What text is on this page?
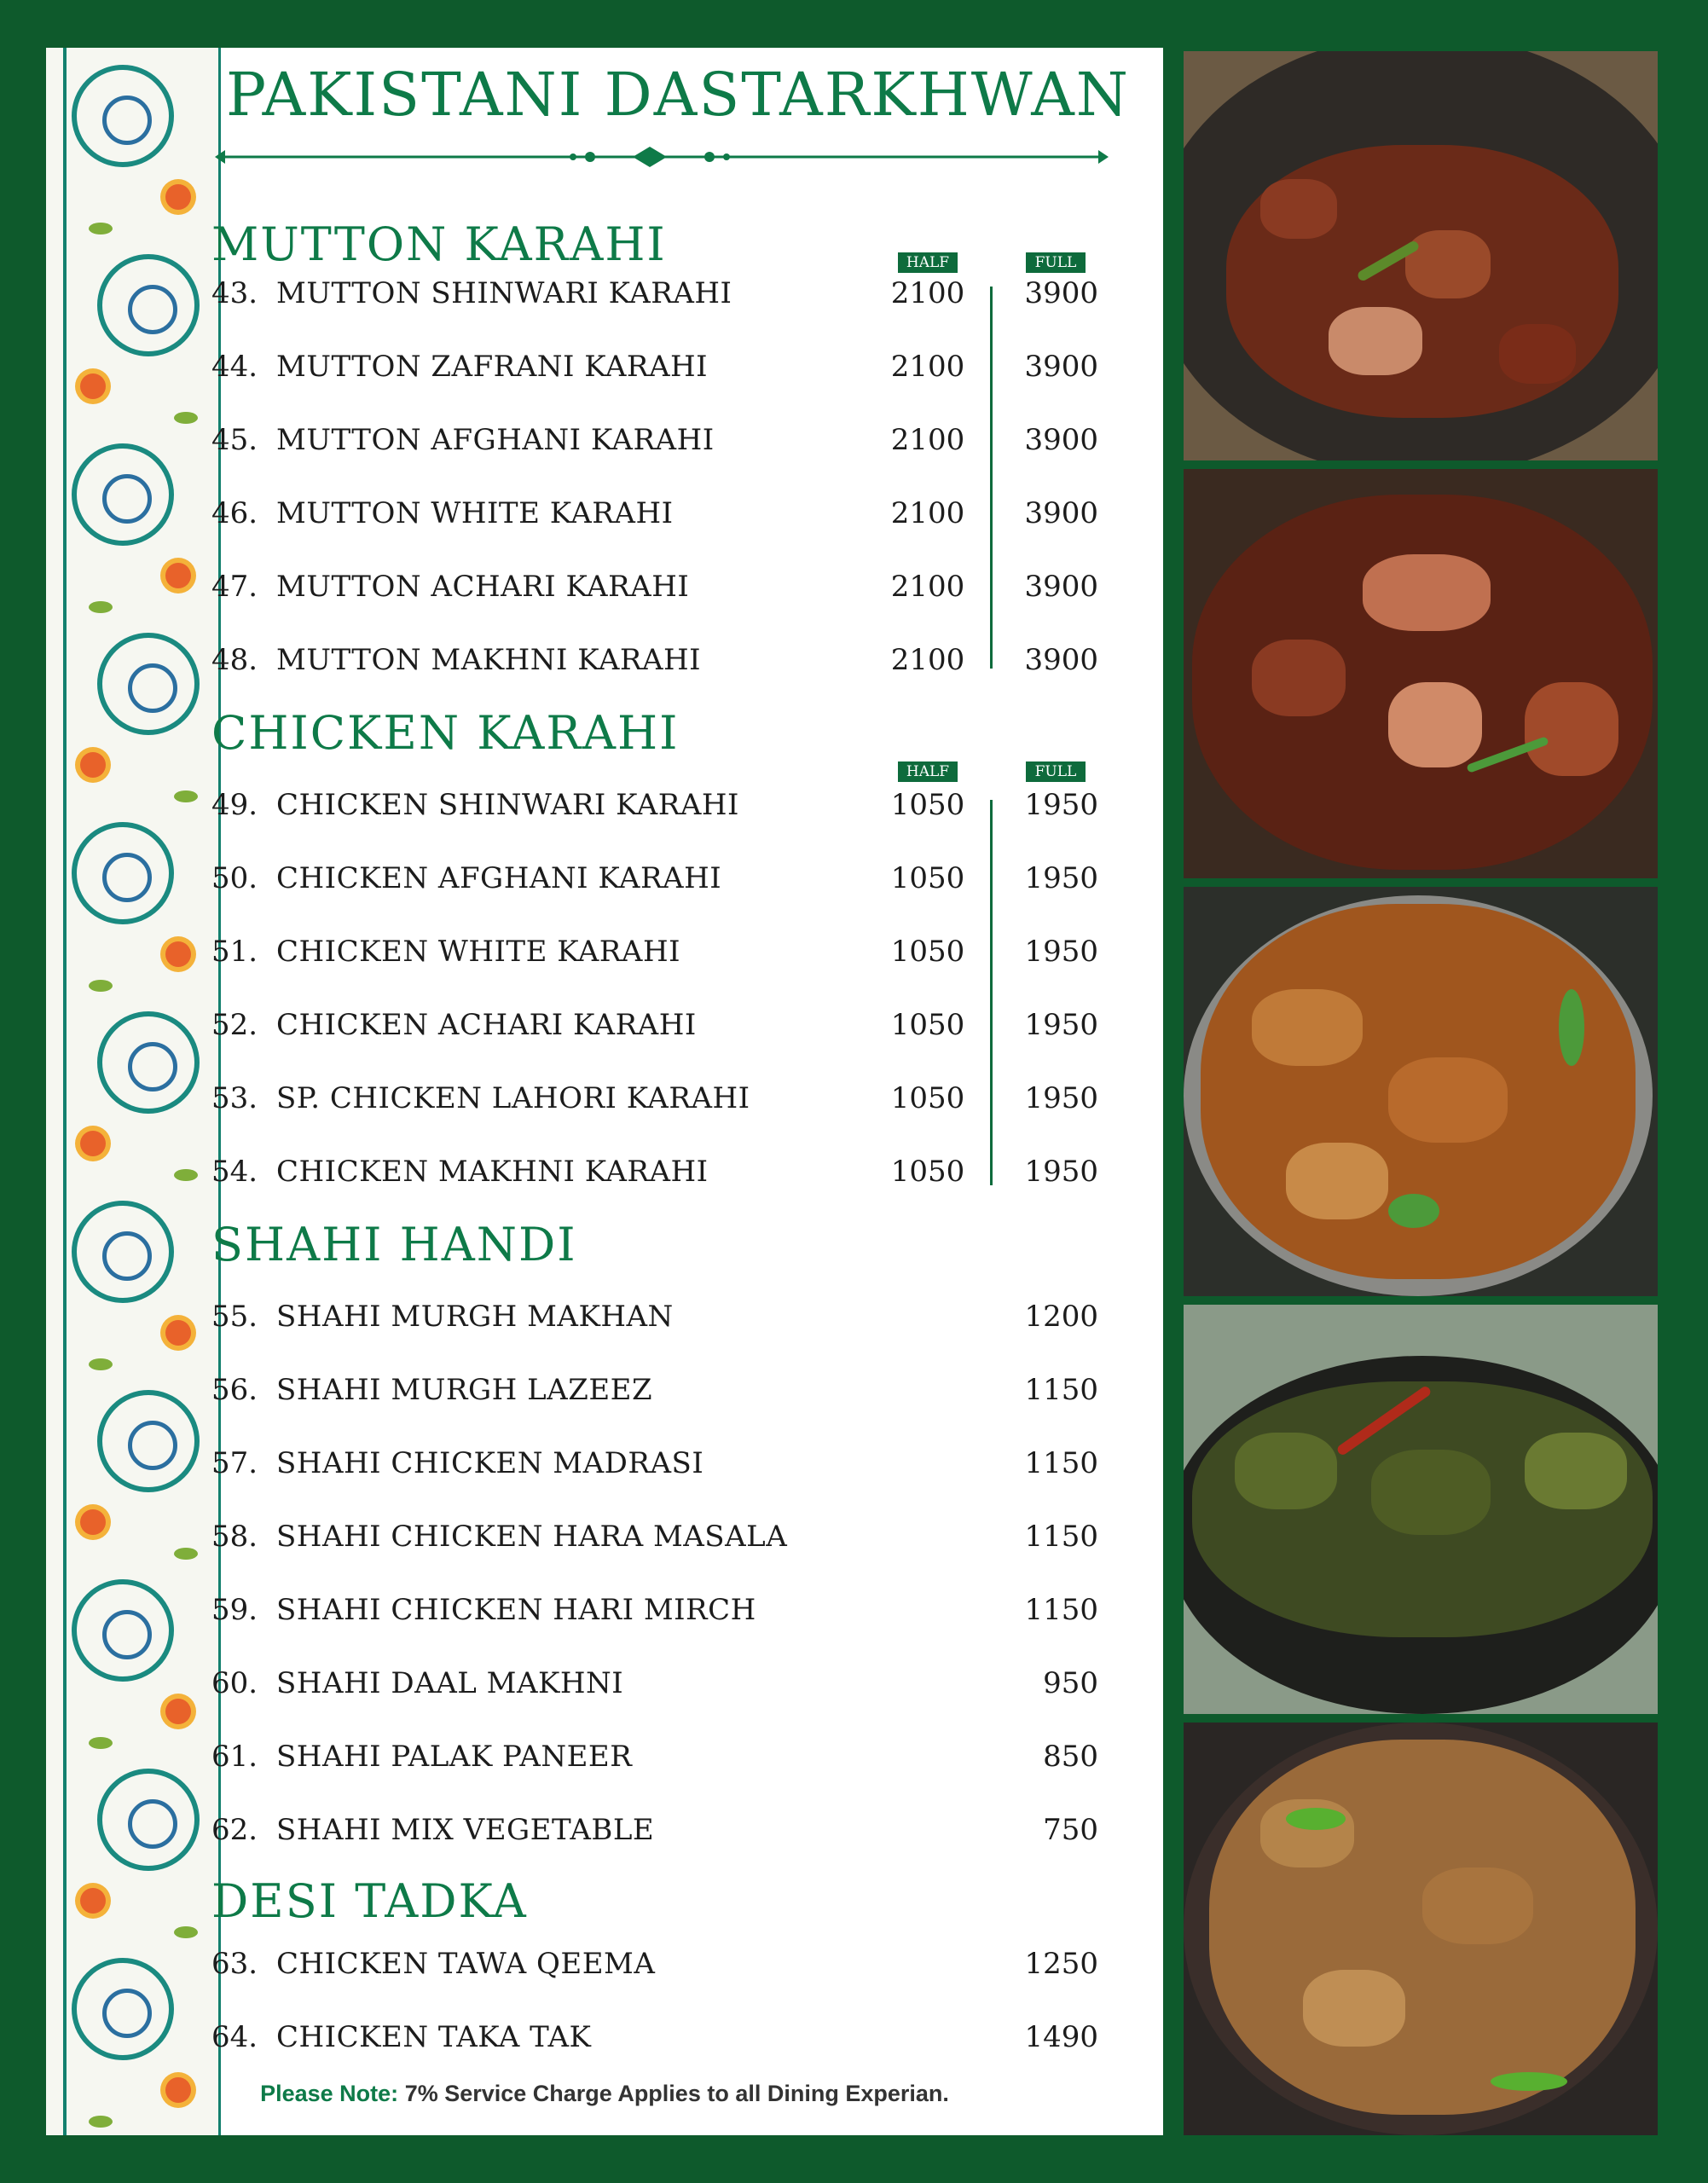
PAKISTANI DASTARKHWAN
MUTTON KARAHI	HALF	FULL
43. MUTTON SHINWARI KARAHI	2100 3900
44. MUTTON ZAFRANI KARAHI	2100 3900
45. MUTTON AFGHANI KARAHI	2100 3900
46. MUTTON WHITE KARAHI	2100 3900
47. MUTTON ACHARI KARAHI	2100 3900
48. MUTTON MAKHNI KARAHI	2100 3900
CHICKEN KARAHI
HALF	FULL
49. CHICKEN SHINWARI KARAHI	1050 1950
50. CHICKEN AFGHANI KARAHI	1050 1950
51. CHICKEN WHITE KARAHI	1050 1950
52. CHICKEN ACHARI KARAHI	1050 1950
53. SP. CHICKEN LAHORI KARAHI	1050 1950
54. CHICKEN MAKHNI KARAHI	1050 1950
SHAHI HANDI
55. SHAHI MURGH MAKHAN	1200
56. SHAHI MURGH LAZEEZ	1150
57. SHAHI CHICKEN MADRASI	1150
58. SHAHI CHICKEN HARA MASALA	1150
59. SHAHI CHICKEN HARI MIRCH	1150
60. SHAHI DAAL MAKHNI	950
61. SHAHI PALAK PANEER	850
62. SHAHI MIX VEGETABLE	750
DESI TADKA
63. CHICKEN TAWA QEEMA	1250
64. CHICKEN TAKA TAK	1490
Please Note: 7% Service Charge Applies to all Dining Experian.
